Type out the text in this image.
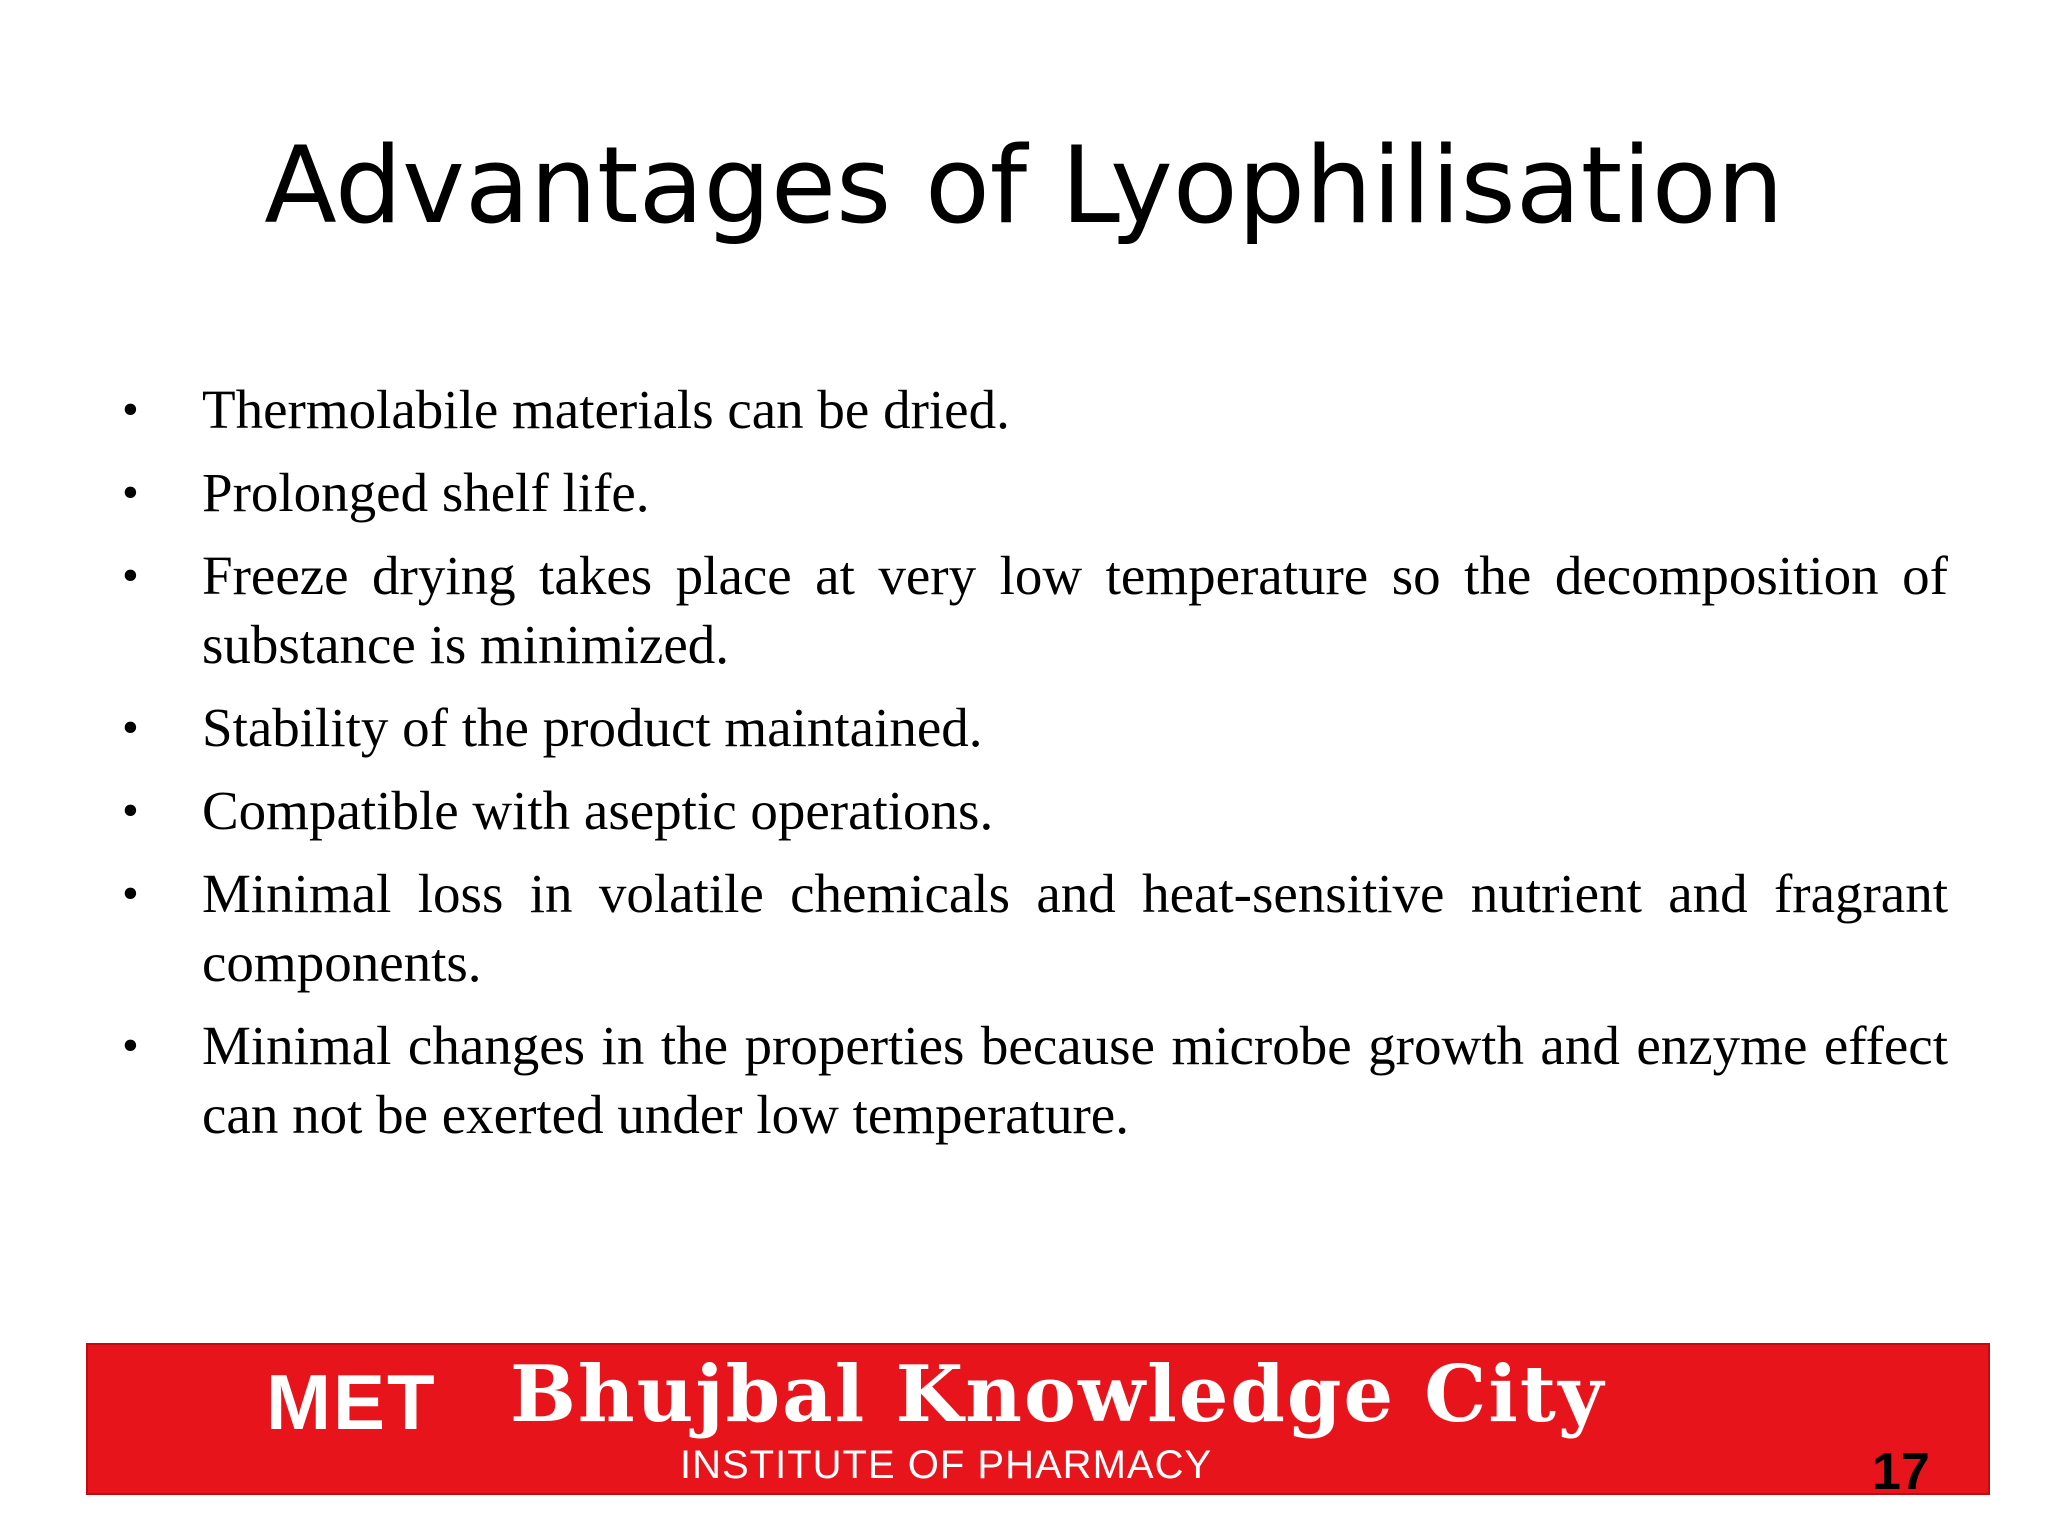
Advantages of Lyophilisation
• Thermolabile materials can be dried.
• Prolonged shelf life.
• Freeze drying takes place at very low temperature so the decomposition of substance is minimized.
• Stability of the product maintained.
• Compatible with aseptic operations.
• Minimal loss in volatile chemicals and heat-sensitive nutrient and fragrant components.
• Minimal changes in the properties because microbe growth and enzyme effect can not be exerted under low temperature.
MET Bhujbal Knowledge City
INSTITUTE OF PHARMACY	17
